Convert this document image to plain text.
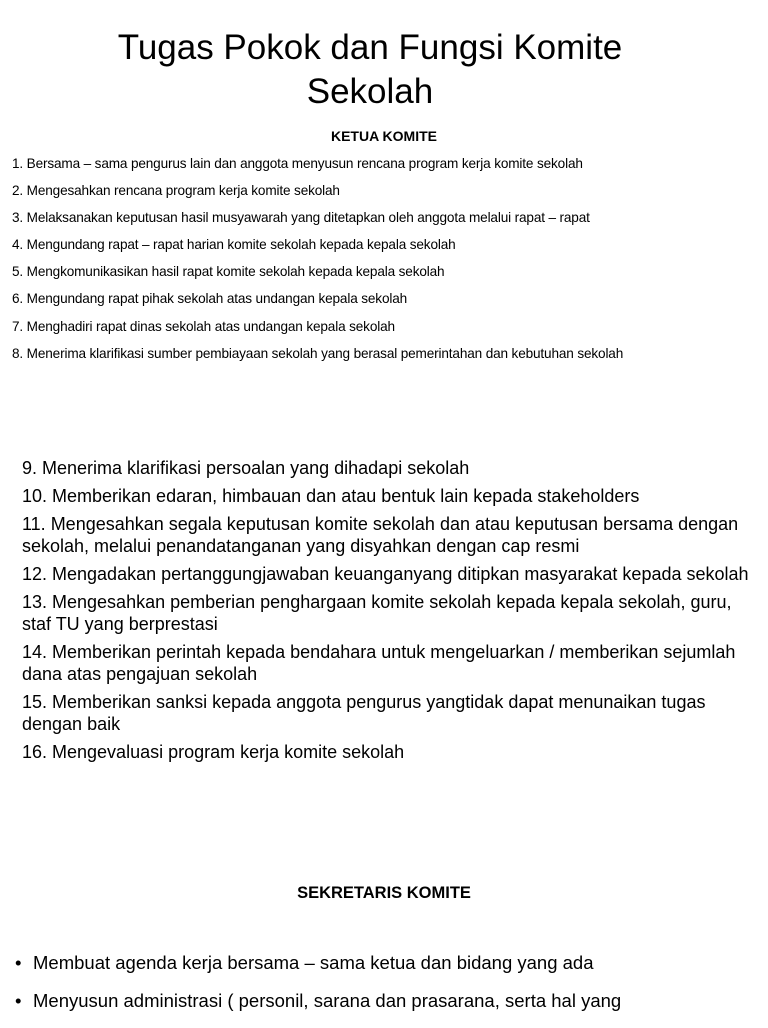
Tugas Pokok dan Fungsi Komite
Sekolah
KETUA KOMITE
1. Bersama – sama pengurus lain dan anggota menyusun rencana program kerja komite sekolah
2. Mengesahkan rencana program kerja komite sekolah
3. Melaksanakan keputusan hasil musyawarah yang ditetapkan oleh anggota melalui rapat – rapat
4. Mengundang rapat – rapat harian komite sekolah kepada kepala sekolah
5. Mengkomunikasikan hasil rapat komite sekolah kepada kepala sekolah
6. Mengundang rapat pihak sekolah atas undangan kepala sekolah
7. Menghadiri rapat dinas sekolah atas undangan kepala sekolah
8. Menerima klarifikasi sumber pembiayaan sekolah yang berasal pemerintahan dan kebutuhan sekolah
9. Menerima klarifikasi persoalan yang dihadapi sekolah
10. Memberikan edaran, himbauan dan atau bentuk lain kepada stakeholders
11. Mengesahkan segala keputusan komite sekolah dan atau keputusan bersama dengan sekolah, melalui penandatanganan yang disyahkan dengan cap resmi
12. Mengadakan pertanggungjawaban keuanganyang ditipkan masyarakat kepada sekolah
13. Mengesahkan pemberian penghargaan komite sekolah kepada kepala sekolah, guru, staf TU yang berprestasi
14. Memberikan perintah kepada bendahara untuk mengeluarkan / memberikan sejumlah dana atas pengajuan sekolah
15. Memberikan sanksi kepada anggota pengurus yangtidak dapat menunaikan tugas dengan baik
16. Mengevaluasi program kerja komite sekolah
SEKRETARIS KOMITE
• Membuat agenda kerja bersama – sama ketua dan bidang yang ada
• Menyusun administrasi ( personil, sarana dan prasarana, serta hal yang
